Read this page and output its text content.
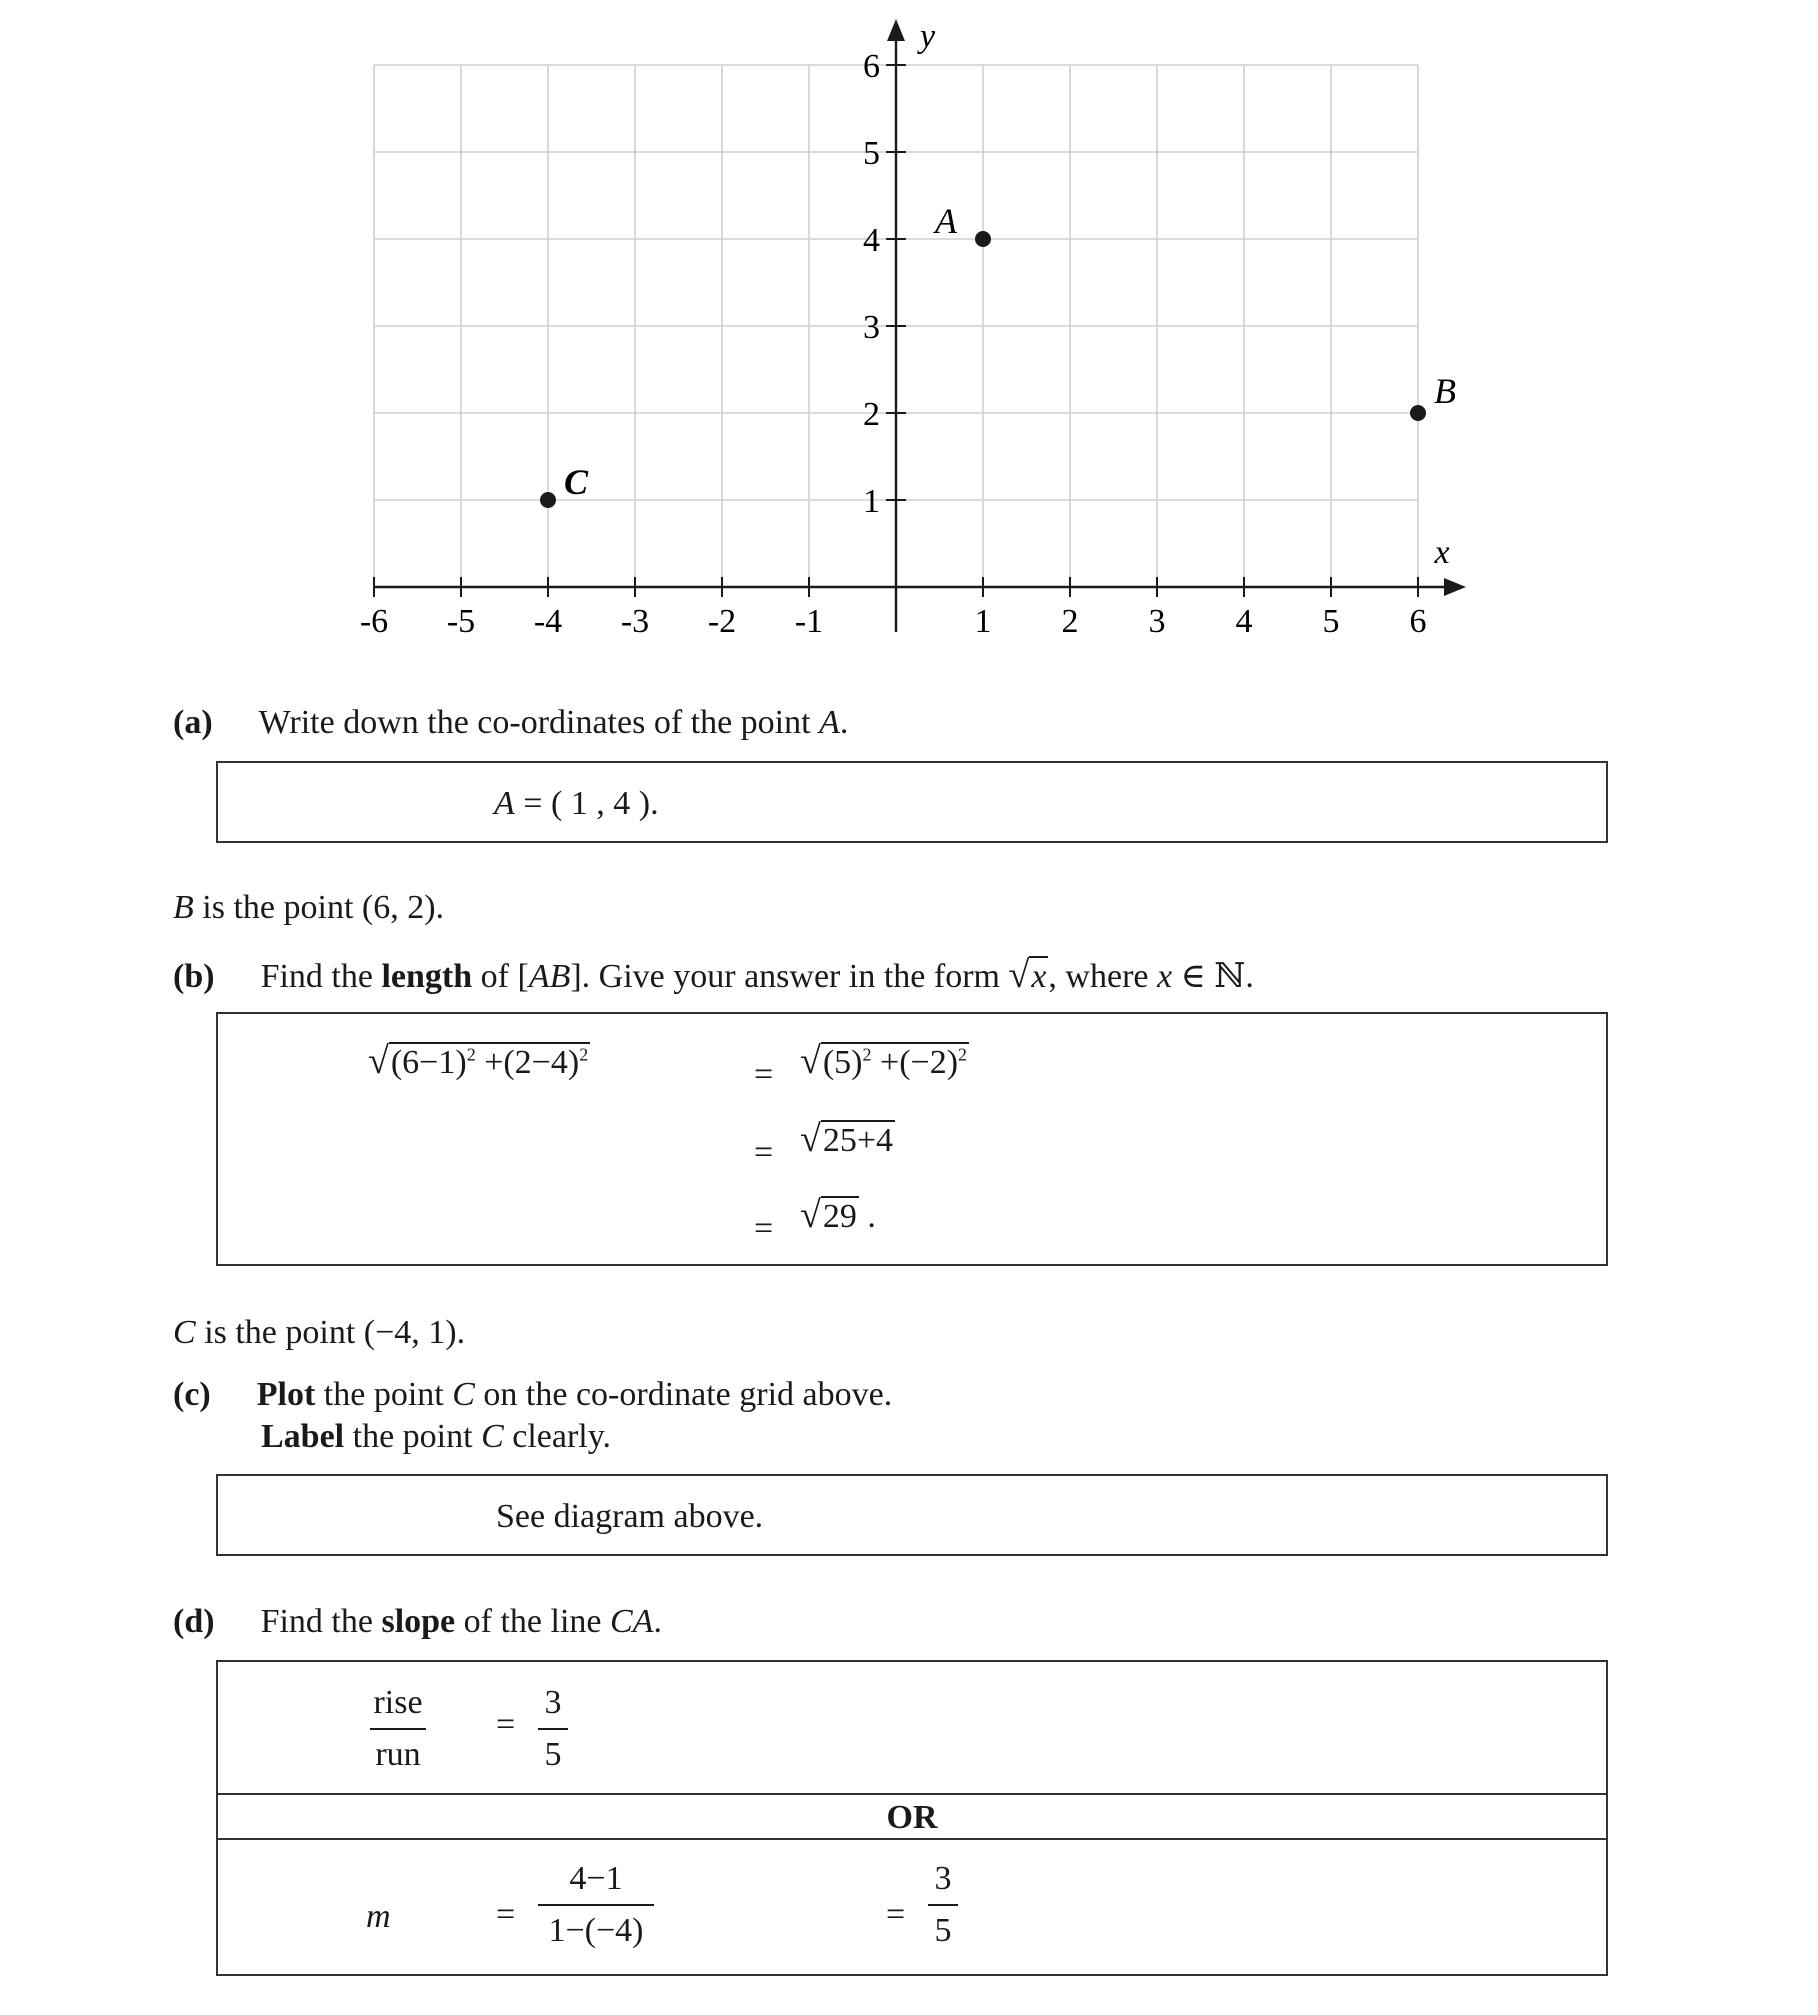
x
y
-6 -5 -4 -3 -2 -1	1 2 3 4 5 6
1
2
3
4
5
6
A
B
C
(a) Write down the co-ordinates of the point A.
A = ( 1 , 4 ).
B is the point (6, 2).
(b) Find the length of [AB]. Give your answer in the form √x, where x ∈ ℕ.
$√(6-1)^2 +(2-4)^2$
= $√(5)^2 +(-2)^2$
= √25+4
= √29 .
C is the point (−4, 1).
(c) Plot the point C on the co-ordinate grid above.
Label the point C clearly.
See diagram above.
(d) Find the slope of the line CA.
rise
run
=
3
5
OR
m	=
4−1
1−(−4)	=
3
5
